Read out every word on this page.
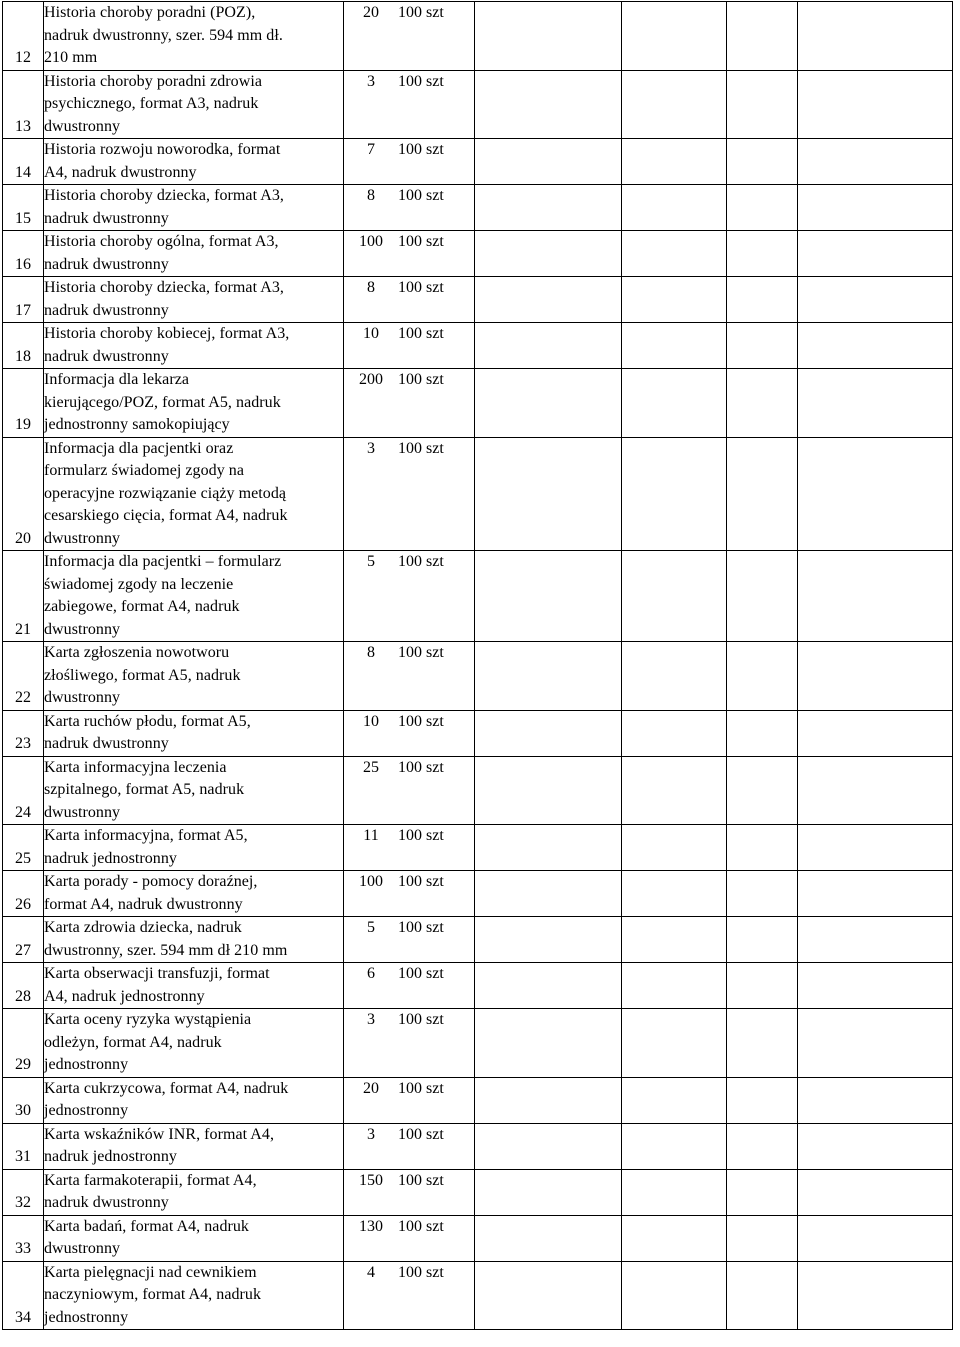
12	Historia choroby poradni (POZ),
nadruk dwustronny, szer. 594 mm dł.
210 mm	20 100 szt				
13	Historia choroby poradni zdrowia
psychicznego, format A3, nadruk
dwustronny	3 100 szt				
14	Historia rozwoju noworodka, format
A4, nadruk dwustronny	7 100 szt				
15	Historia choroby dziecka, format A3,
nadruk dwustronny	8 100 szt				
16	Historia choroby ogólna, format A3,
nadruk dwustronny	100 100 szt				
17	Historia choroby dziecka, format A3,
nadruk dwustronny	8 100 szt				
18	Historia choroby kobiecej, format A3,
nadruk dwustronny	10 100 szt				
19	Informacja dla lekarza
kierującego/POZ, format A5, nadruk
jednostronny samokopiujący	200 100 szt				
20	Informacja dla pacjentki oraz
formularz świadomej zgody na
operacyjne rozwiązanie ciąży metodą
cesarskiego cięcia, format A4, nadruk
dwustronny	3 100 szt				
21	Informacja dla pacjentki – formularz
świadomej zgody na leczenie
zabiegowe, format A4, nadruk
dwustronny	5 100 szt				
22	Karta zgłoszenia nowotworu
złośliwego, format A5, nadruk
dwustronny	8 100 szt				
23	Karta ruchów płodu, format A5,
nadruk dwustronny	10 100 szt				
24	Karta informacyjna leczenia
szpitalnego, format A5, nadruk
dwustronny	25 100 szt				
25	Karta informacyjna, format A5,
nadruk jednostronny	11 100 szt				
26	Karta porady - pomocy doraźnej,
format A4, nadruk dwustronny	100 100 szt				
27	Karta zdrowia dziecka, nadruk
dwustronny, szer. 594 mm dł 210 mm	5 100 szt				
28	Karta obserwacji transfuzji, format
A4, nadruk jednostronny	6 100 szt				
29	Karta oceny ryzyka wystąpienia
odleżyn, format A4, nadruk
jednostronny	3 100 szt				
30	Karta cukrzycowa, format A4, nadruk
jednostronny	20 100 szt				
31	Karta wskaźników INR, format A4,
nadruk jednostronny	3 100 szt				
32	Karta farmakoterapii, format A4,
nadruk dwustronny	150 100 szt				
33	Karta badań, format A4, nadruk
dwustronny	130 100 szt				
34	Karta pielęgnacji nad cewnikiem
naczyniowym, format A4, nadruk
jednostronny	4 100 szt				
